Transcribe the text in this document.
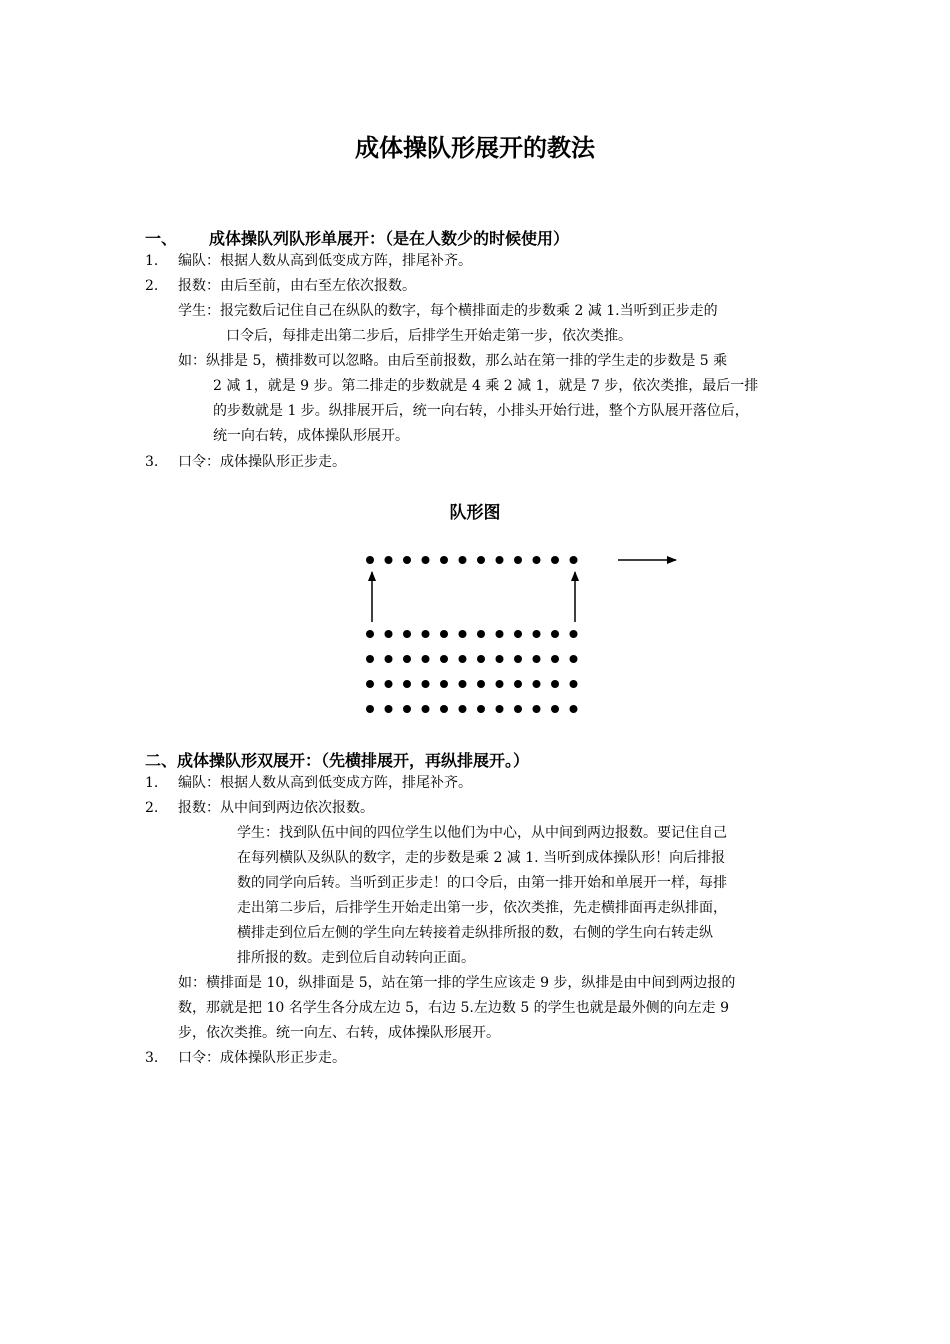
成体操队形展开的教法
一、 成体操队列队形单展开：（是在人数少的时候使用）
1. 编队：根据人数从高到低变成方阵，排尾补齐。
2. 报数：由后至前，由右至左依次报数。
学生：报完数后记住自己在纵队的数字，每个横排面走的步数乘 2 减 1.当听到正步走的
口令后，每排走出第二步后，后排学生开始走第一步，依次类推。
如：纵排是 5，横排数可以忽略。由后至前报数，那么站在第一排的学生走的步数是 5 乘
2 减 1，就是 9 步。第二排走的步数就是 4 乘 2 减 1，就是 7 步，依次类推，最后一排
的步数就是 1 步。纵排展开后，统一向右转，小排头开始行进，整个方队展开落位后，
统一向右转，成体操队形展开。
3. 口令：成体操队形正步走。
队形图
二、成体操队形双展开：（先横排展开，再纵排展开。）
1. 编队：根据人数从高到低变成方阵，排尾补齐。
2. 报数：从中间到两边依次报数。
学生：找到队伍中间的四位学生以他们为中心，从中间到两边报数。要记住自己
在每列横队及纵队的数字，走的步数是乘 2 减 1. 当听到成体操队形！向后排报
数的同学向后转。当听到正步走！的口令后，由第一排开始和单展开一样，每排
走出第二步后，后排学生开始走出第一步，依次类推，先走横排面再走纵排面，
横排走到位后左侧的学生向左转接着走纵排所报的数，右侧的学生向右转走纵
排所报的数。走到位后自动转向正面。
如：横排面是 10，纵排面是 5，站在第一排的学生应该走 9 步，纵排是由中间到两边报的
数，那就是把 10 名学生各分成左边 5，右边 5.左边数 5 的学生也就是最外侧的向左走 9
步，依次类推。统一向左、右转，成体操队形展开。
3. 口令：成体操队形正步走。
